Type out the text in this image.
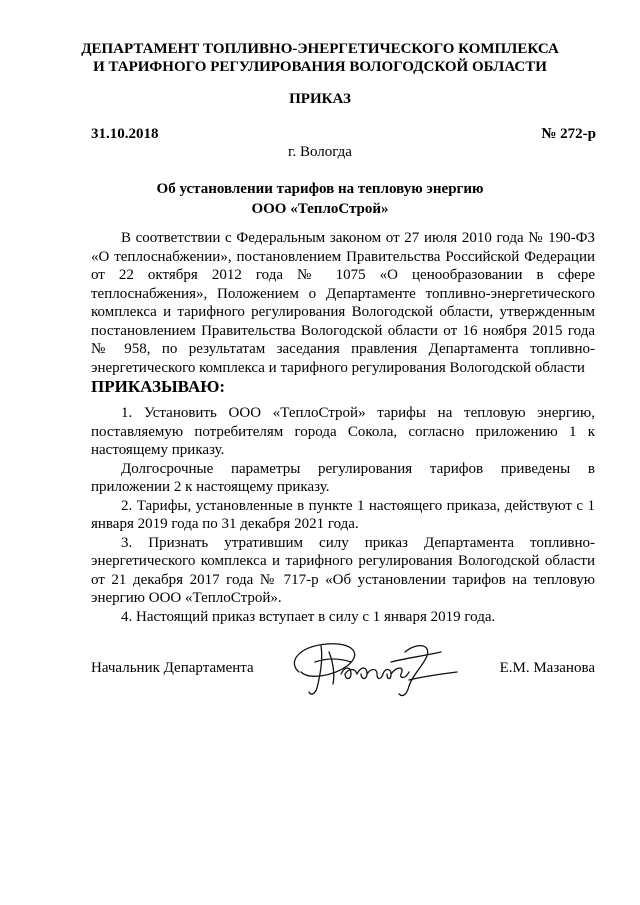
ДЕПАРТАМЕНТ ТОПЛИВНО-ЭНЕРГЕТИЧЕСКОГО КОМПЛЕКСА
И ТАРИФНОГО РЕГУЛИРОВАНИЯ ВОЛОГОДСКОЙ ОБЛАСТИ
ПРИКАЗ
31.10.2018	№ 272-р
г. Вологда
Об установлении тарифов на тепловую энергию
ООО «ТеплоСтрой»

В соответствии с Федеральным законом от 27 июля 2010 года № 190-ФЗ «О теплоснабжении», постановлением Правительства Российской Федерации от 22 октября 2012 года № 1075 «О ценообразовании в сфере теплоснабжения», Положением о Департаменте топливно-энергетического комплекса и тарифного регулирования Вологодской области, утвержденным постановлением Правительства Вологодской области от 16 ноября 2015 года № 958, по результатам заседания правления Департамента топливно-энергетического комплекса и тарифного регулирования Вологодской области

ПРИКАЗЫВАЮ:

1. Установить ООО «ТеплоСтрой» тарифы на тепловую энергию, поставляемую потребителям города Сокола, согласно приложению 1 к настоящему приказу.

Долгосрочные параметры регулирования тарифов приведены в приложении 2 к настоящему приказу.

2. Тарифы, установленные в пункте 1 настоящего приказа, действуют с 1 января 2019 года по 31 декабря 2021 года.

3. Признать утратившим силу приказ Департамента топливно-энергетического комплекса и тарифного регулирования Вологодской области от 21 декабря 2017 года № 717-р «Об установлении тарифов на тепловую энергию ООО «ТеплоСтрой».

4. Настоящий приказ вступает в силу с 1 января 2019 года.

Начальник Департамента	Е.М. Мазанова
